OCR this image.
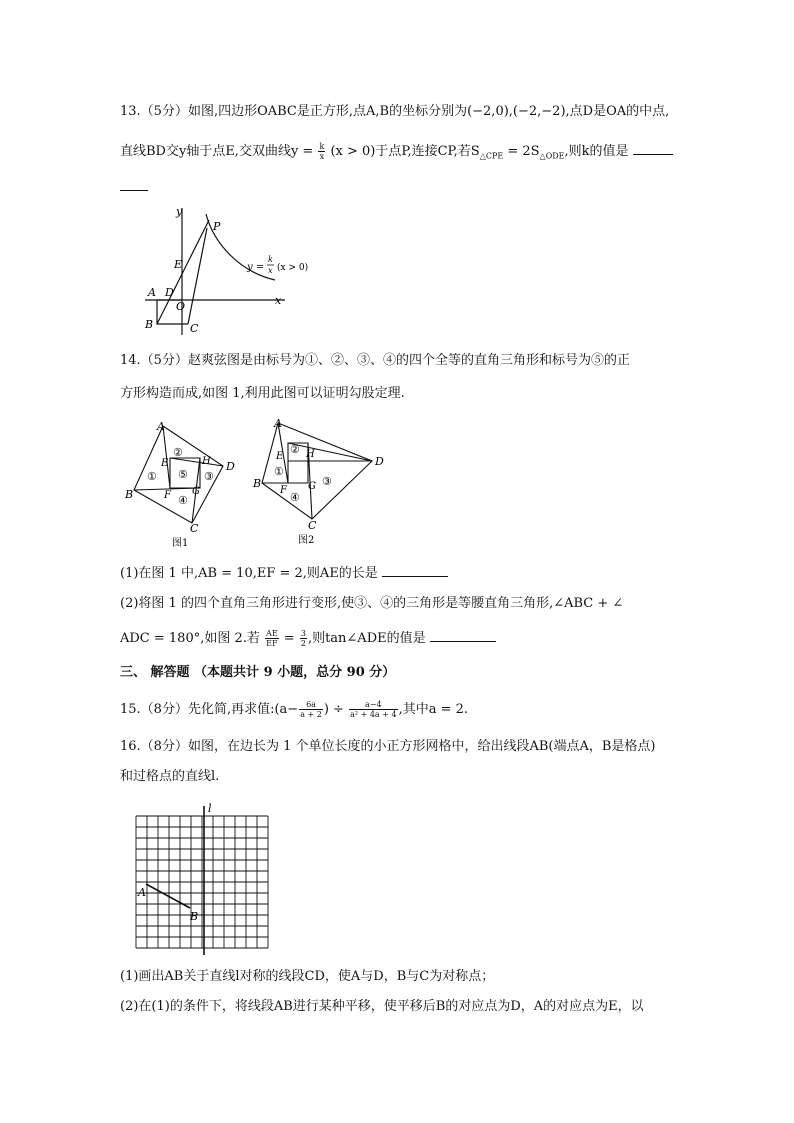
13.（5分）如图,四边形OABC是正方形,点A,B的坐标分别为(−2,0),(−2,−2),点D是OA的中点,
直线BD交y轴于点E,交双曲线$y = \frac{k}{x} (x > 0)$于点P,连接CP,若$S_{\triangle CPE} = 2S_{\triangle ODE}$,则k的值是
y
x
P
E
A D
O
B	C
y =
k
x (x > 0)
14.（5分）赵爽弦图是由标号为①、②、③、④的四个全等的直角三角形和标号为⑤的正
方形构造而成,如图 1,利用此图可以证明勾股定理.
A
D
C
B
E	H
G
F
②
① ⑤ ③
④
图1
A
D
C
B
E H
G
F
②
①
③
④
图2
(1)在图 1 中,AB = 10,EF = 2,则AE的长是
(2)将图 1 的四个直角三角形进行变形,使③、④的三角形是等腰直角三角形,∠ABC + ∠
ADC = 180°,如图 2.若 $\frac{AE}{EF} = \frac{3}{2}$ ,则tan∠ADE的值是
三、 解答题 （本题共计 9 小题，总分 90 分）
15.（8分）先化简,再求值:(a− $\frac{6a}{a + 2}$ ) ÷ $\frac{a-4}{\text{a² + 4a + 4}}$ ,其中a = 2.
16.（8分）如图，在边长为 1 个单位长度的小正方形网格中，给出线段AB(端点A，B是格点)
和过格点的直线l.
l
A
B
(1)画出AB关于直线l对称的线段CD，使A与D，B与C为对称点；
(2)在(1)的条件下，将线段AB进行某种平移，使平移后B的对应点为D，A的对应点为E，以
